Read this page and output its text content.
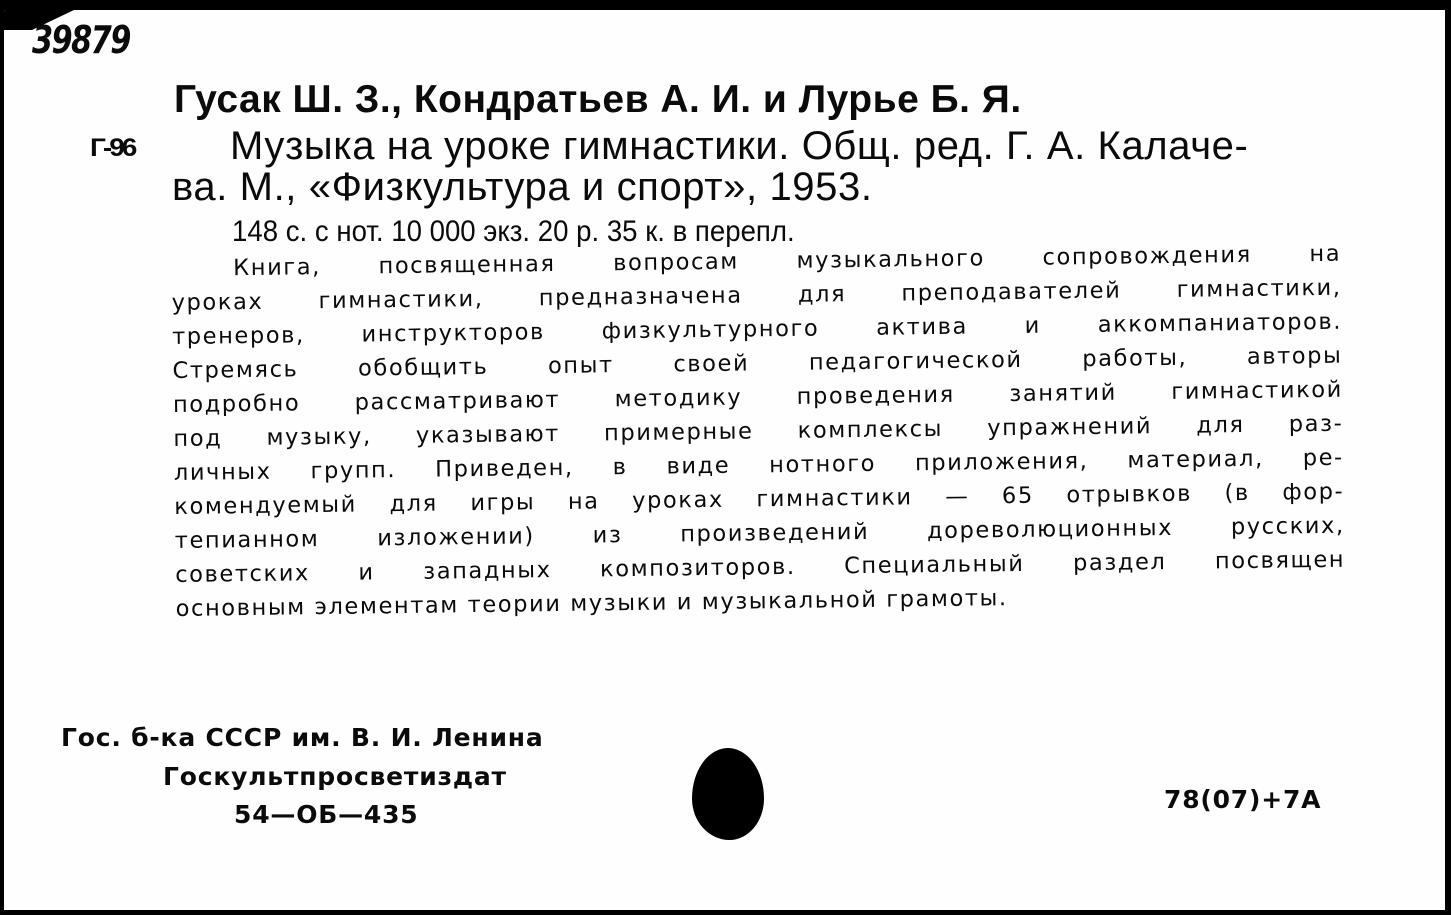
39879
Гусак Ш. З., Кондратьев А. И. и Лурье Б. Я.
Г-96 Музыка на уроке гимнастики. Общ. ред. Г. А. Калаче-
ва. М., «Физкультура и спорт», 1953.
148 с. с нот. 10 000 экз. 20 р. 35 к. в перепл.
Книга, посвященная вопросам музыкального сопровождения на
уроках гимнастики, предназначена для преподавателей гимнастики,
тренеров, инструкторов физкультурного актива и аккомпаниаторов.
Стремясь обобщить опыт своей педагогической работы, авторы
подробно рассматривают методику проведения занятий гимнастикой
под музыку, указывают примерные комплексы упражнений для раз-
личных групп. Приведен, в виде нотного приложения, материал, ре-
комендуемый для игры на уроках гимнастики — 65 отрывков (в фор-
тепианном изложении) из произведений дореволюционных русских,
советских и западных композиторов. Специальный раздел посвящен
основным элементам теории музыки и музыкальной грамоты.
Гос. б-ка СССР им. В. И. Ленина
Госкультпросветиздат
54—ОБ—435
78(07)+7А
